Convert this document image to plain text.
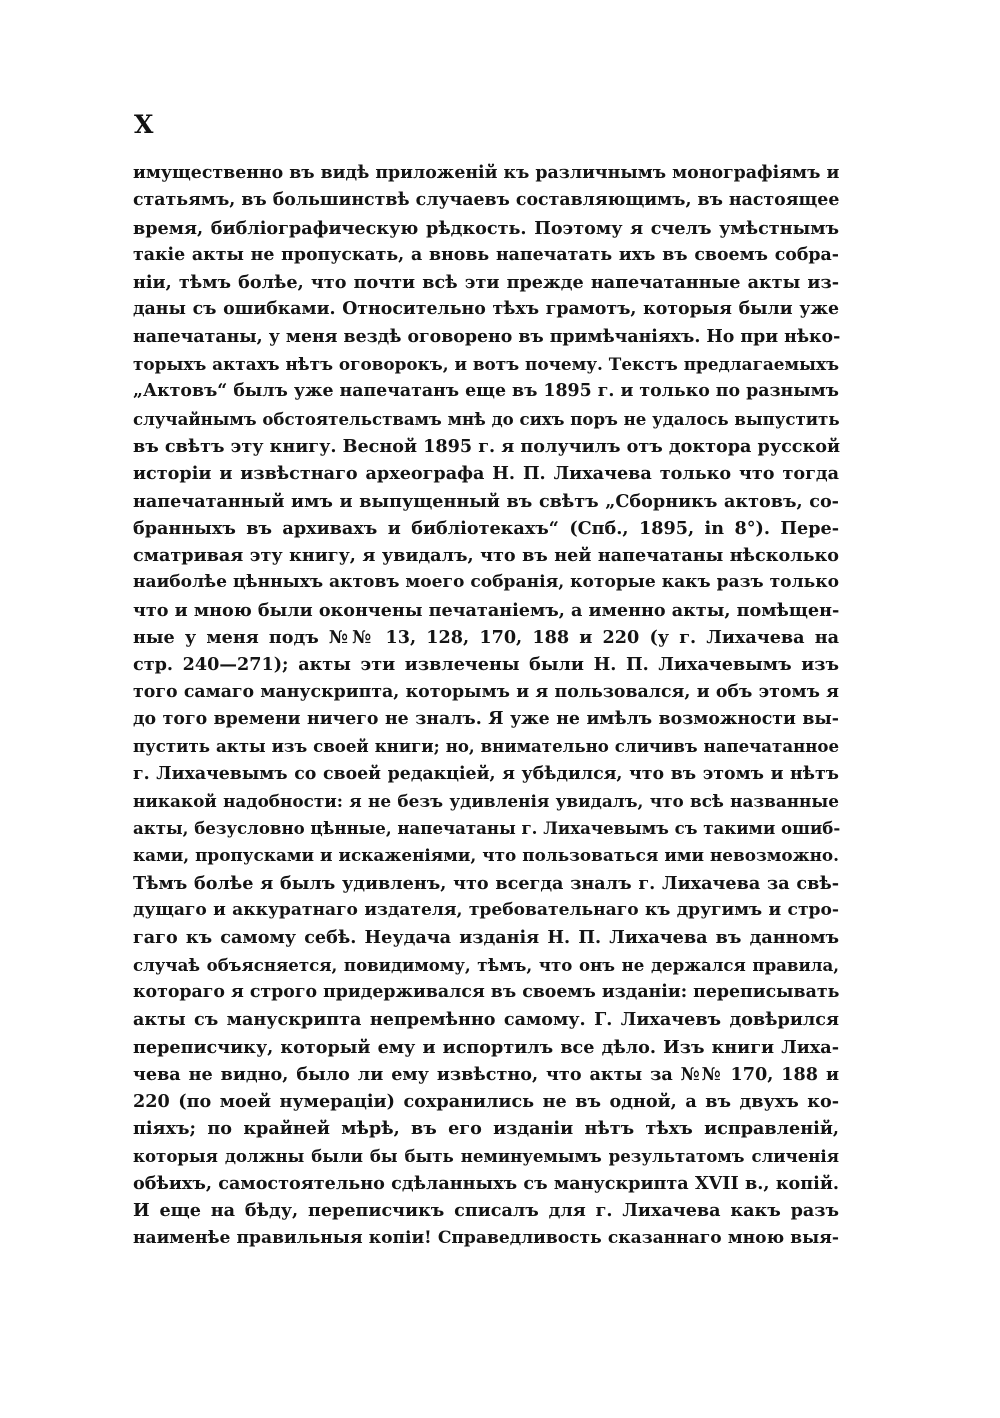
X
имущественно въ видѣ приложеній къ различнымъ монографіямъ и
статьямъ, въ большинствѣ случаевъ составляющимъ, въ настоящее
время, библіографическую рѣдкость. Поэтому я счелъ умѣстнымъ
такіе акты не пропускать, а вновь напечатать ихъ въ своемъ собра-
ніи, тѣмъ болѣе, что почти всѣ эти прежде напечатанные акты из-
даны съ ошибками. Относительно тѣхъ грамотъ, которыя были уже
напечатаны, у меня вездѣ оговорено въ примѣчаніяхъ. Но при нѣко-
торыхъ актахъ нѣтъ оговорокъ, и вотъ почему. Текстъ предлагаемыхъ
„Актовъ“ былъ уже напечатанъ еще въ 1895 г. и только по разнымъ
случайнымъ обстоятельствамъ мнѣ до сихъ поръ не удалось выпустить
въ свѣтъ эту книгу. Весной 1895 г. я получилъ отъ доктора русской
исторіи и извѣстнаго археографа Н. П. Лихачева только что тогда
напечатанный имъ и выпущенный въ свѣтъ „Сборникъ актовъ, со-
бранныхъ въ архивахъ и библіотекахъ“ (Спб., 1895, in 8°). Пере-
сматривая эту книгу, я увидалъ, что въ ней напечатаны нѣсколько
наиболѣе цѣнныхъ актовъ моего собранія, которые какъ разъ только
что и мною были окончены печатаніемъ, а именно акты, помѣщен-
ные у меня подъ №№ 13, 128, 170, 188 и 220 (у г. Лихачева на
стр. 240—271); акты эти извлечены были Н. П. Лихачевымъ изъ
того самаго манускрипта, которымъ и я пользовался, и объ этомъ я
до того времени ничего не зналъ. Я уже не имѣлъ возможности вы-
пустить акты изъ своей книги; но, внимательно сличивъ напечатанное
г. Лихачевымъ со своей редакціей, я убѣдился, что въ этомъ и нѣтъ
никакой надобности: я не безъ удивленія увидалъ, что всѣ названные
акты, безусловно цѣнные, напечатаны г. Лихачевымъ съ такими ошиб-
ками, пропусками и искаженіями, что пользоваться ими невозможно.
Тѣмъ болѣе я былъ удивленъ, что всегда зналъ г. Лихачева за свѣ-
дущаго и аккуратнаго издателя, требовательнаго къ другимъ и стро-
гаго къ самому себѣ. Неудача изданія Н. П. Лихачева въ данномъ
случаѣ объясняется, повидимому, тѣмъ, что онъ не держался правила,
котораго я строго придерживался въ своемъ изданіи: переписывать
акты съ манускрипта непремѣнно самому. Г. Лихачевъ довѣрился
переписчику, который ему и испортилъ все дѣло. Изъ книги Лиха-
чева не видно, было ли ему извѣстно, что акты за №№ 170, 188 и
220 (по моей нумераціи) сохранились не въ одной, а въ двухъ ко-
піяхъ; по крайней мѣрѣ, въ его изданіи нѣтъ тѣхъ исправленій,
которыя должны были бы быть неминуемымъ результатомъ сличенія
обѣихъ, самостоятельно сдѣланныхъ съ манускрипта XVII в., копій.
И еще на бѣду, переписчикъ списалъ для г. Лихачева какъ разъ
наименѣе правильныя копіи! Справедливость сказаннаго мною выя-
